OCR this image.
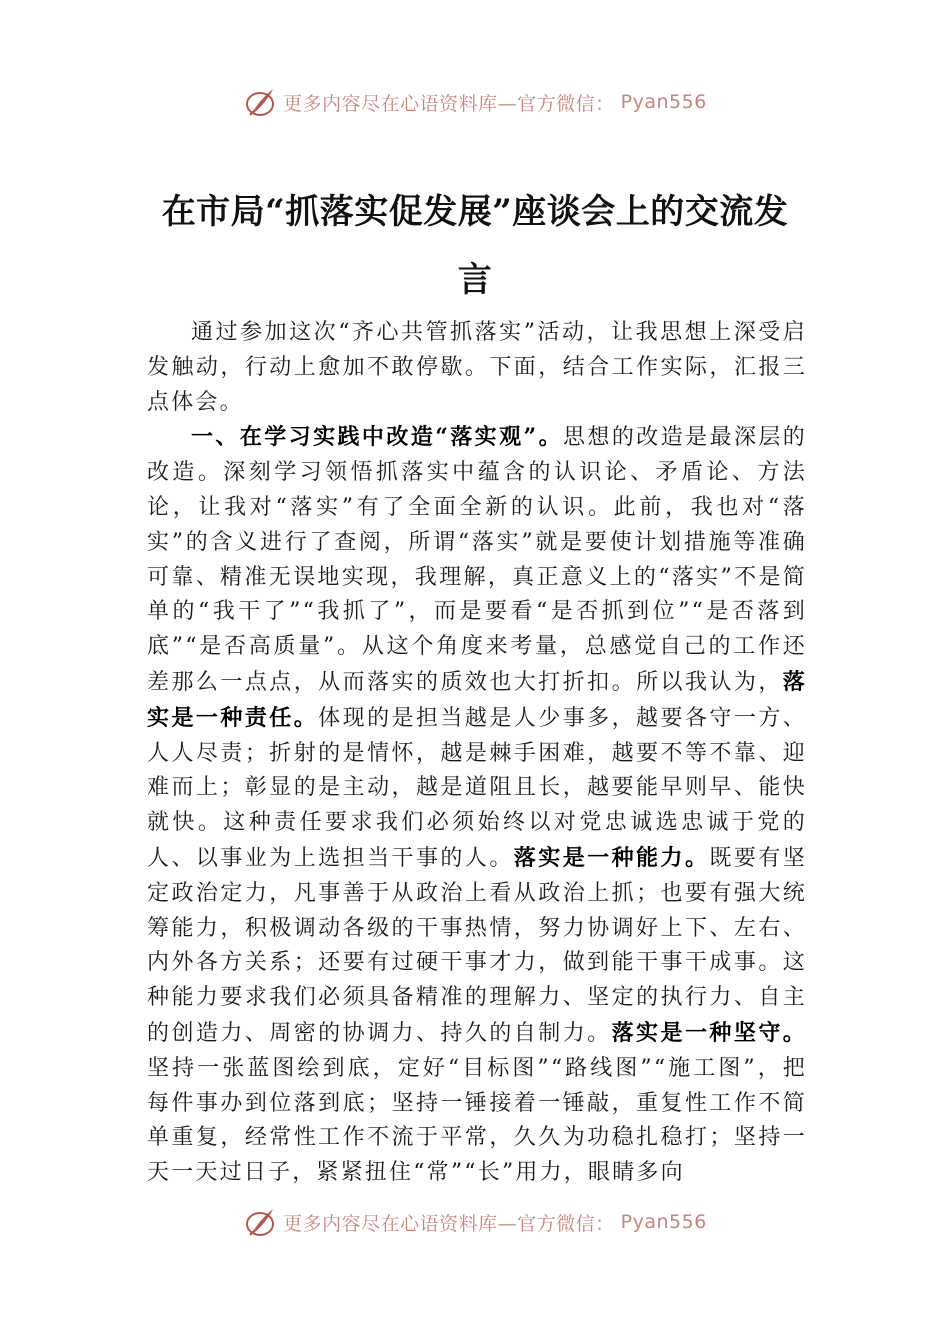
更多内容尽在心语资料库—官方微信： Pyan556
在市局“抓落实促发展”座谈会上的交流发言

通过参加这次“齐心共管抓落实”活动，让我思想上深受启发触动，行动上愈加不敢停歇。下面，结合工作实际，汇报三点体会。

一、在学习实践中改造“落实观”。思想的改造是最深层的改造。深刻学习领悟抓落实中蕴含的认识论、矛盾论、方法论，让我对“落实”有了全面全新的认识。此前，我也对“落实”的含义进行了查阅，所谓“落实”就是要使计划措施等准确可靠、精准无误地实现，我理解，真正意义上的“落实”不是简单的“我干了”“我抓了”，而是要看“是否抓到位”“是否落到底”“是否高质量”。从这个角度来考量，总感觉自己的工作还差那么一点点，从而落实的质效也大打折扣。所以我认为，落实是一种责任。体现的是担当越是人少事多，越要各守一方、人人尽责；折射的是情怀，越是棘手困难，越要不等不靠、迎难而上；彰显的是主动，越是道阻且长，越要能早则早、能快就快。这种责任要求我们必须始终以对党忠诚选忠诚于党的人、以事业为上选担当干事的人。落实是一种能力。既要有坚定政治定力，凡事善于从政治上看从政治上抓；也要有强大统筹能力，积极调动各级的干事热情，努力协调好上下、左右、内外各方关系；还要有过硬干事才力，做到能干事干成事。这种能力要求我们必须具备精准的理解力、坚定的执行力、自主的创造力、周密的协调力、持久的自制力。落实是一种坚守。坚持一张蓝图绘到底，定好“目标图”“路线图”“施工图”，把每件事办到位落到底；坚持一锤接着一锤敲，重复性工作不简单重复，经常性工作不流于平常，久久为功稳扎稳打；坚持一天一天过日子，紧紧扭住“常”“长”用力，眼睛多向

更多内容尽在心语资料库—官方微信： Pyan556
